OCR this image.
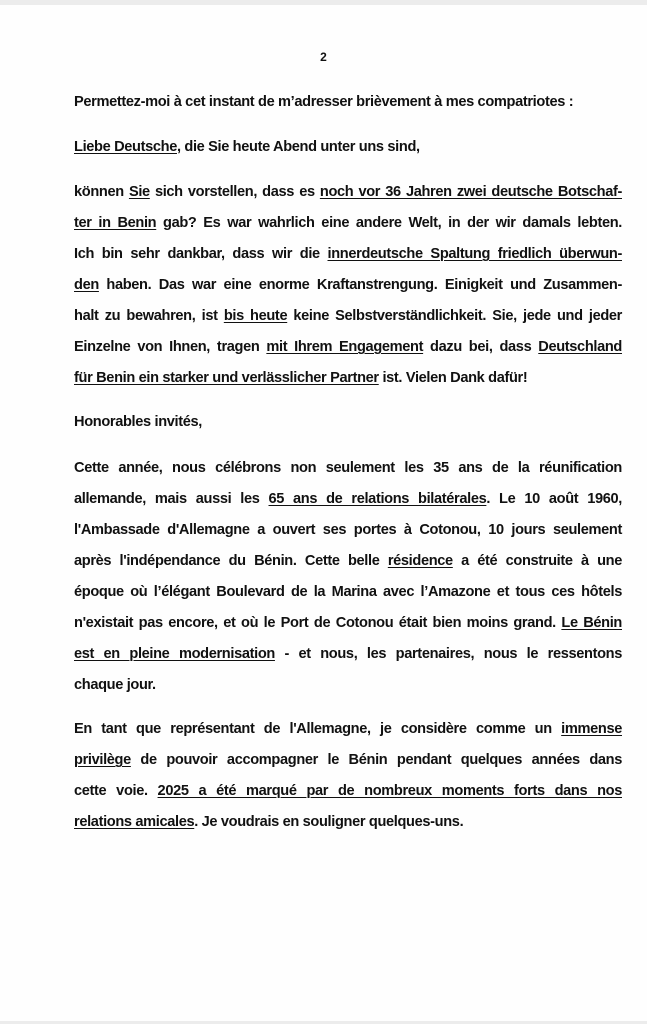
2
Permettez-moi à cet instant de m’adresser brièvement à mes compatriotes :
Liebe Deutsche, die Sie heute Abend unter uns sind,
können Sie sich vorstellen, dass es noch vor 36 Jahren zwei deutsche Botschaf-
ter in Benin gab? Es war wahrlich eine andere Welt, in der wir damals lebten.
Ich bin sehr dankbar, dass wir die innerdeutsche Spaltung friedlich überwun-
den haben. Das war eine enorme Kraftanstrengung. Einigkeit und Zusammen-
halt zu bewahren, ist bis heute keine Selbstverständlichkeit. Sie, jede und jeder
Einzelne von Ihnen, tragen mit Ihrem Engagement dazu bei, dass Deutschland
für Benin ein starker und verlässlicher Partner ist. Vielen Dank dafür!
Honorables invités,
Cette année, nous célébrons non seulement les 35 ans de la réunification
allemande, mais aussi les 65 ans de relations bilatérales. Le 10 août 1960,
l'Ambassade d'Allemagne a ouvert ses portes à Cotonou, 10 jours seulement
après l'indépendance du Bénin. Cette belle résidence a été construite à une
époque où l’élégant Boulevard de la Marina avec l’Amazone et tous ces hôtels
n'existait pas encore, et où le Port de Cotonou était bien moins grand. Le Bénin
est en pleine modernisation - et nous, les partenaires, nous le ressentons
chaque jour.
En tant que représentant de l'Allemagne, je considère comme un immense
privilège de pouvoir accompagner le Bénin pendant quelques années dans
cette voie. 2025 a été marqué par de nombreux moments forts dans nos
relations amicales. Je voudrais en souligner quelques-uns.
